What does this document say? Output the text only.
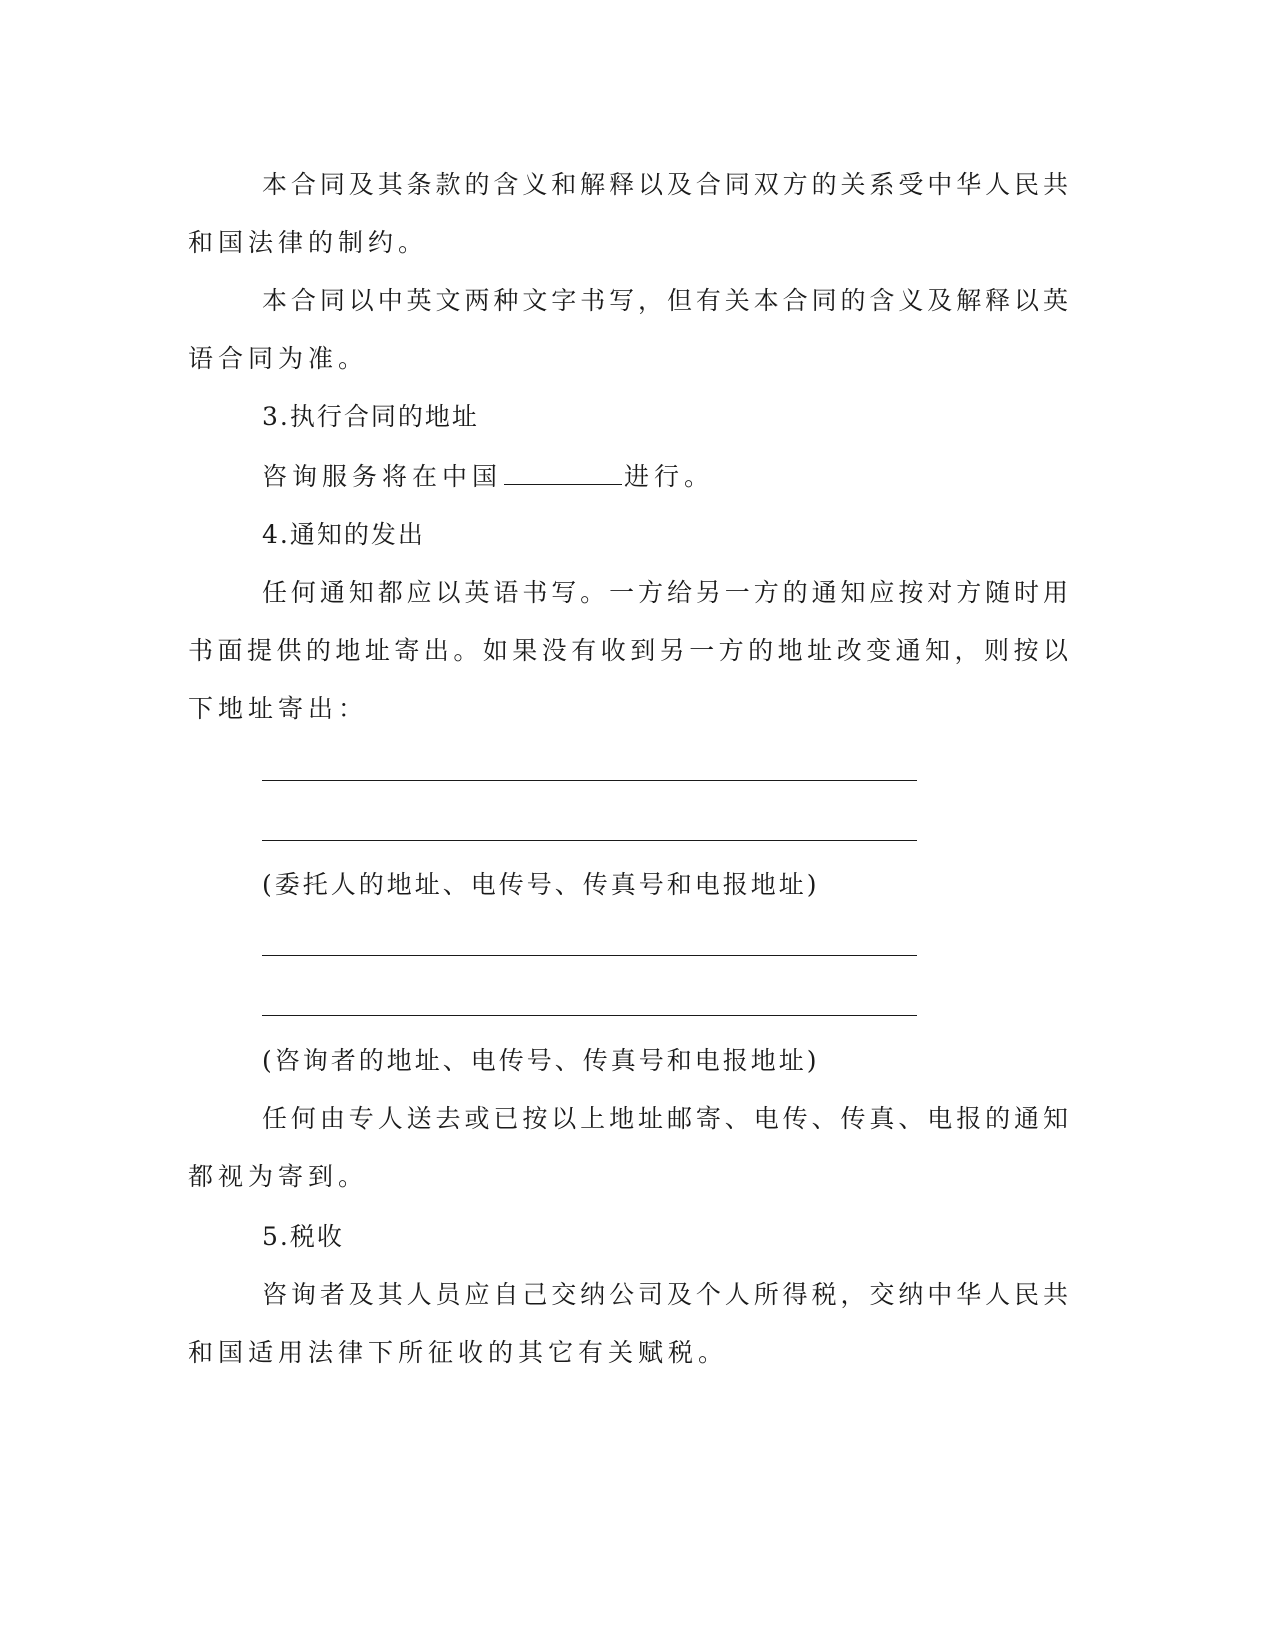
本合同及其条款的含义和解释以及合同双方的关系受中华人民共
和国法律的制约。
本合同以中英文两种文字书写，但有关本合同的含义及解释以英
语合同为准。
3.执行合同的地址
咨询服务将在中国	进行。
4.通知的发出
任何通知都应以英语书写。一方给另一方的通知应按对方随时用
书面提供的地址寄出。如果没有收到另一方的地址改变通知，则按以
下地址寄出：
(委托人的地址、电传号、传真号和电报地址)
(咨询者的地址、电传号、传真号和电报地址)
任何由专人送去或已按以上地址邮寄、电传、传真、电报的通知
都视为寄到。
5.税收
咨询者及其人员应自己交纳公司及个人所得税，交纳中华人民共
和国适用法律下所征收的其它有关赋税。
